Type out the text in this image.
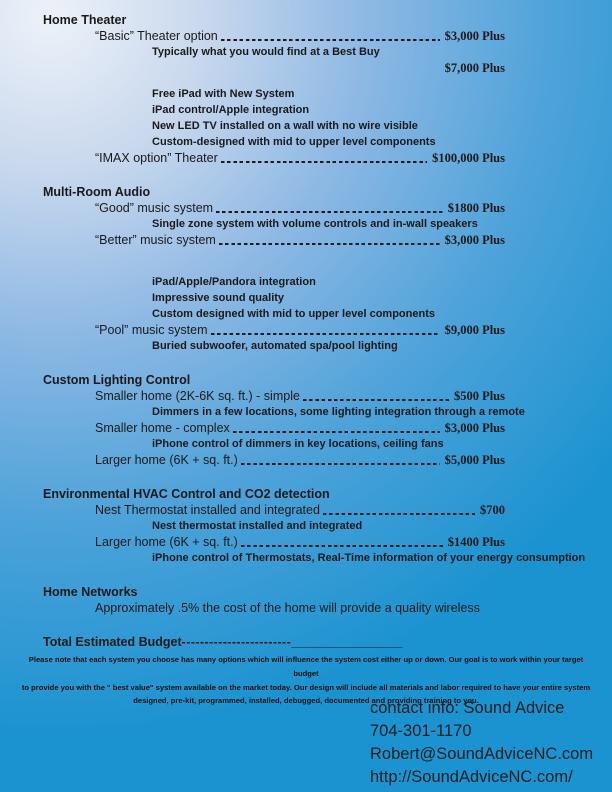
Home Theater
“Basic” Theater option	$3,000 Plus
Typically what you would find at a Best Buy
$7,000 Plus
Free iPad with New System
iPad control/Apple integration
New LED TV installed on a wall with no wire visible
Custom-designed with mid to upper level components
“IMAX option” Theater	$100,000 Plus
Multi-Room Audio
“Good” music system	$1800 Plus
Single zone system with volume controls and in-wall speakers
“Better” music system	$3,000 Plus
iPad/Apple/Pandora integration
Impressive sound quality
Custom designed with mid to upper level components
“Pool” music system	$9,000 Plus
Buried subwoofer, automated spa/pool lighting
Custom Lighting Control
Smaller home (2K-6K sq. ft.) - simple	$500 Plus
Dimmers in a few locations, some lighting integration through a remote
Smaller home - complex	$3,000 Plus
iPhone control of dimmers in key locations, ceiling fans
Larger home (6K + sq. ft.)	$5,000 Plus
Environmental HVAC Control and CO2 detection
Nest Thermostat installed and integrated	$700
Nest thermostat installed and integrated
Larger home (6K + sq. ft.)	$1400 Plus
iPhone control of Thermostats, Real-Time information of your energy consumption
Home Networks
Approximately .5% the cost of the home will provide a quality wireless
Total Estimated Budget------------------------________________
Please note that each system you choose has many options which will influence the system cost either up or down. Our goal is to work within your target budget
to provide you with the " best value" system available on the market today. Our design will include all materials and labor required to have your entire system
designed, pre-kit, programmed, installed, debugged, documented and providing training to you.
contact info: Sound Advice
704-301-1170
Robert@SoundAdviceNC.com
http://SoundAdviceNC.com/
